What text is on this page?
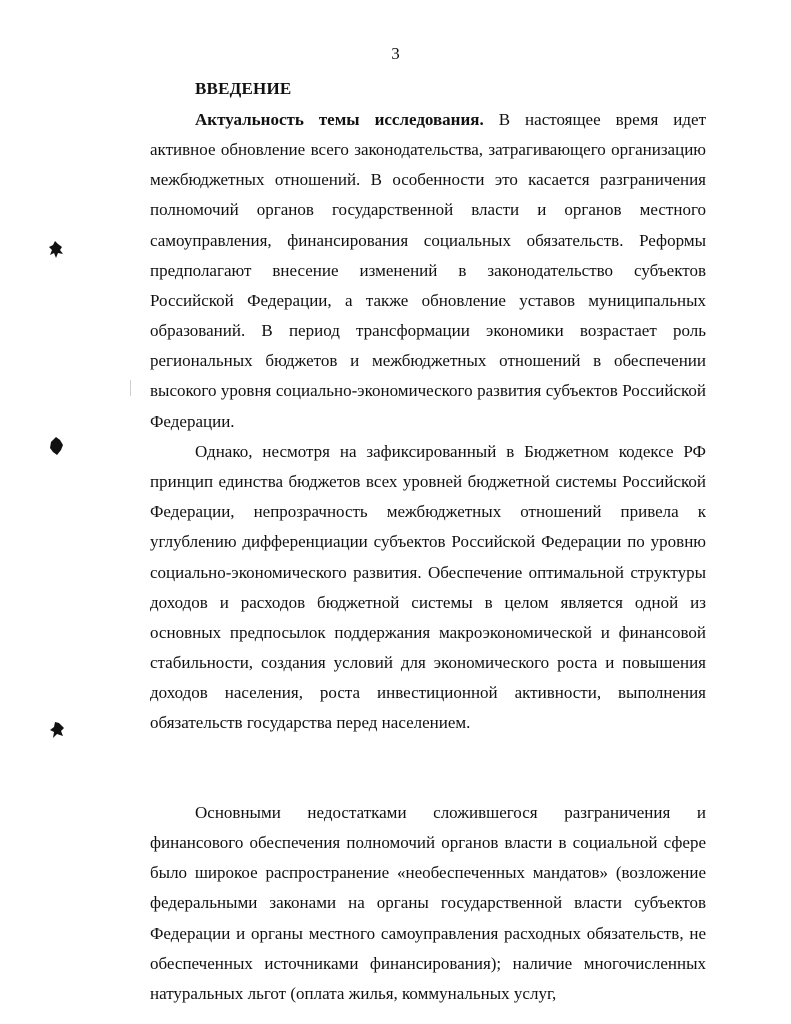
3
ВВЕДЕНИЕ

Актуальность темы исследования. В настоящее время идет активное обновление всего законодательства, затрагивающего организацию межбюджетных отношений. В особенности это касается разграничения полномочий органов государственной власти и органов местного самоуправления, финансирования социальных обязательств. Реформы предполагают внесение изменений в законодательство субъектов Российской Федерации, а также обновление уставов муниципальных образований. В период трансформации экономики возрастает роль региональных бюджетов и межбюджетных отношений в обеспечении высокого уровня социально-экономического развития субъектов Российской Федерации.

Однако, несмотря на зафиксированный в Бюджетном кодексе РФ принцип единства бюджетов всех уровней бюджетной системы Российской Федерации, непрозрачность межбюджетных отношений привела к углублению дифференциации субъектов Российской Федерации по уровню социально-экономического развития. Обеспечение оптимальной структуры доходов и расходов бюджетной системы в целом является одной из основных предпосылок поддержания макроэкономической и финансовой стабильности, создания условий для экономического роста и повышения доходов населения, роста инвестиционной активности, выполнения обязательств государства перед населением.

Основными недостатками сложившегося разграничения и финансового обеспечения полномочий органов власти в социальной сфере было широкое распространение «необеспеченных мандатов» (возложение федеральными законами на органы государственной власти субъектов Федерации и органы местного самоуправления расходных обязательств, не обеспеченных источниками финансирования); наличие многочисленных натуральных льгот (оплата жилья, коммунальных услуг,
